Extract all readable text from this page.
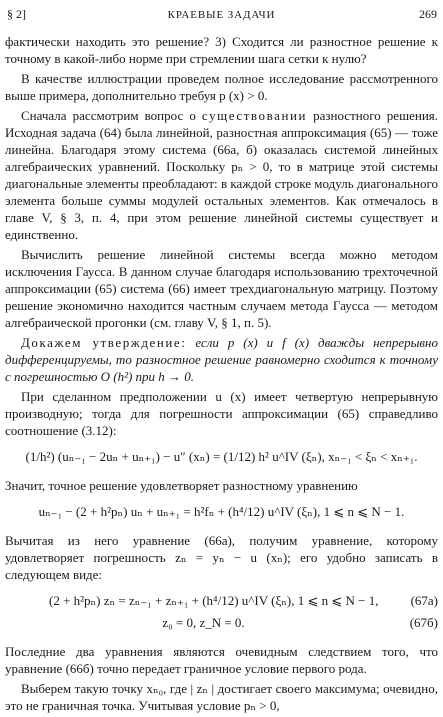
§ 2]	КРАЕВЫЕ ЗАДАЧИ	269

фактически находить это решение? 3) Сходится ли разностное решение к точному в какой-либо норме при стремлении шага сетки к нулю?

В качестве иллюстрации проведем полное исследование рассмотренного выше примера, дополнительно требуя p (x) > 0.

Сначала рассмотрим вопрос о существовании разностного решения. Исходная задача (64) была линейной, разностная аппроксимация (65) — тоже линейна. Благодаря этому система (66а, б) оказалась системой линейных алгебраических уравнений. Поскольку pₙ > 0, то в матрице этой системы диагональные элементы преобладают: в каждой строке модуль диагонального элемента больше суммы модулей остальных элементов. Как отмечалось в главе V, § 3, п. 4, при этом решение линейной системы существует и единственно.

Вычислить решение линейной системы всегда можно методом исключения Гаусса. В данном случае благодаря использованию трехточечной аппроксимации (65) система (66) имеет трехдиагональную матрицу. Поэтому решение экономично находится частным случаем метода Гаусса — методом алгебраической прогонки (см. главу V, § 1, п. 5).

Докажем утверждение: если p (x) и f (x) дважды непрерывно дифференцируемы, то разностное решение равномерно сходится к точному с погрешностью O (h²) при h → 0.

При сделанном предположении u (x) имеет четвертую непрерывную производную; тогда для погрешности аппроксимации (65) справедливо соотношение (3.12):

(1/h²) (uₙ₋₁ − 2uₙ + uₙ₊₁) − u″ (xₙ) = (1/12) h² u^IV (ξₙ), xₙ₋₁ < ξₙ < xₙ₊₁.

Значит, точное решение удовлетворяет разностному уравнению

uₙ₋₁ − (2 + h²pₙ) uₙ + uₙ₊₁ = h²fₙ + (h⁴/12) u^IV (ξₙ), 1 ⩽ n ⩽ N − 1.

Вычитая из него уравнение (66а), получим уравнение, которому удовлетворяет погрешность zₙ = yₙ − u (xₙ); его удобно записать в следующем виде:

(2 + h²pₙ) zₙ = zₙ₋₁ + zₙ₊₁ + (h⁴/12) u^IV (ξₙ), 1 ⩽ n ⩽ N − 1, (67а)
z₀ = 0, z_N = 0.	(67б)

Последние два уравнения являются очевидным следствием того, что уравнение (66б) точно передает граничное условие первого рода.

Выберем такую точку xₙ₀, где | zₙ | достигает своего максимума; очевидно, это не граничная точка. Учитывая условие pₙ > 0,
